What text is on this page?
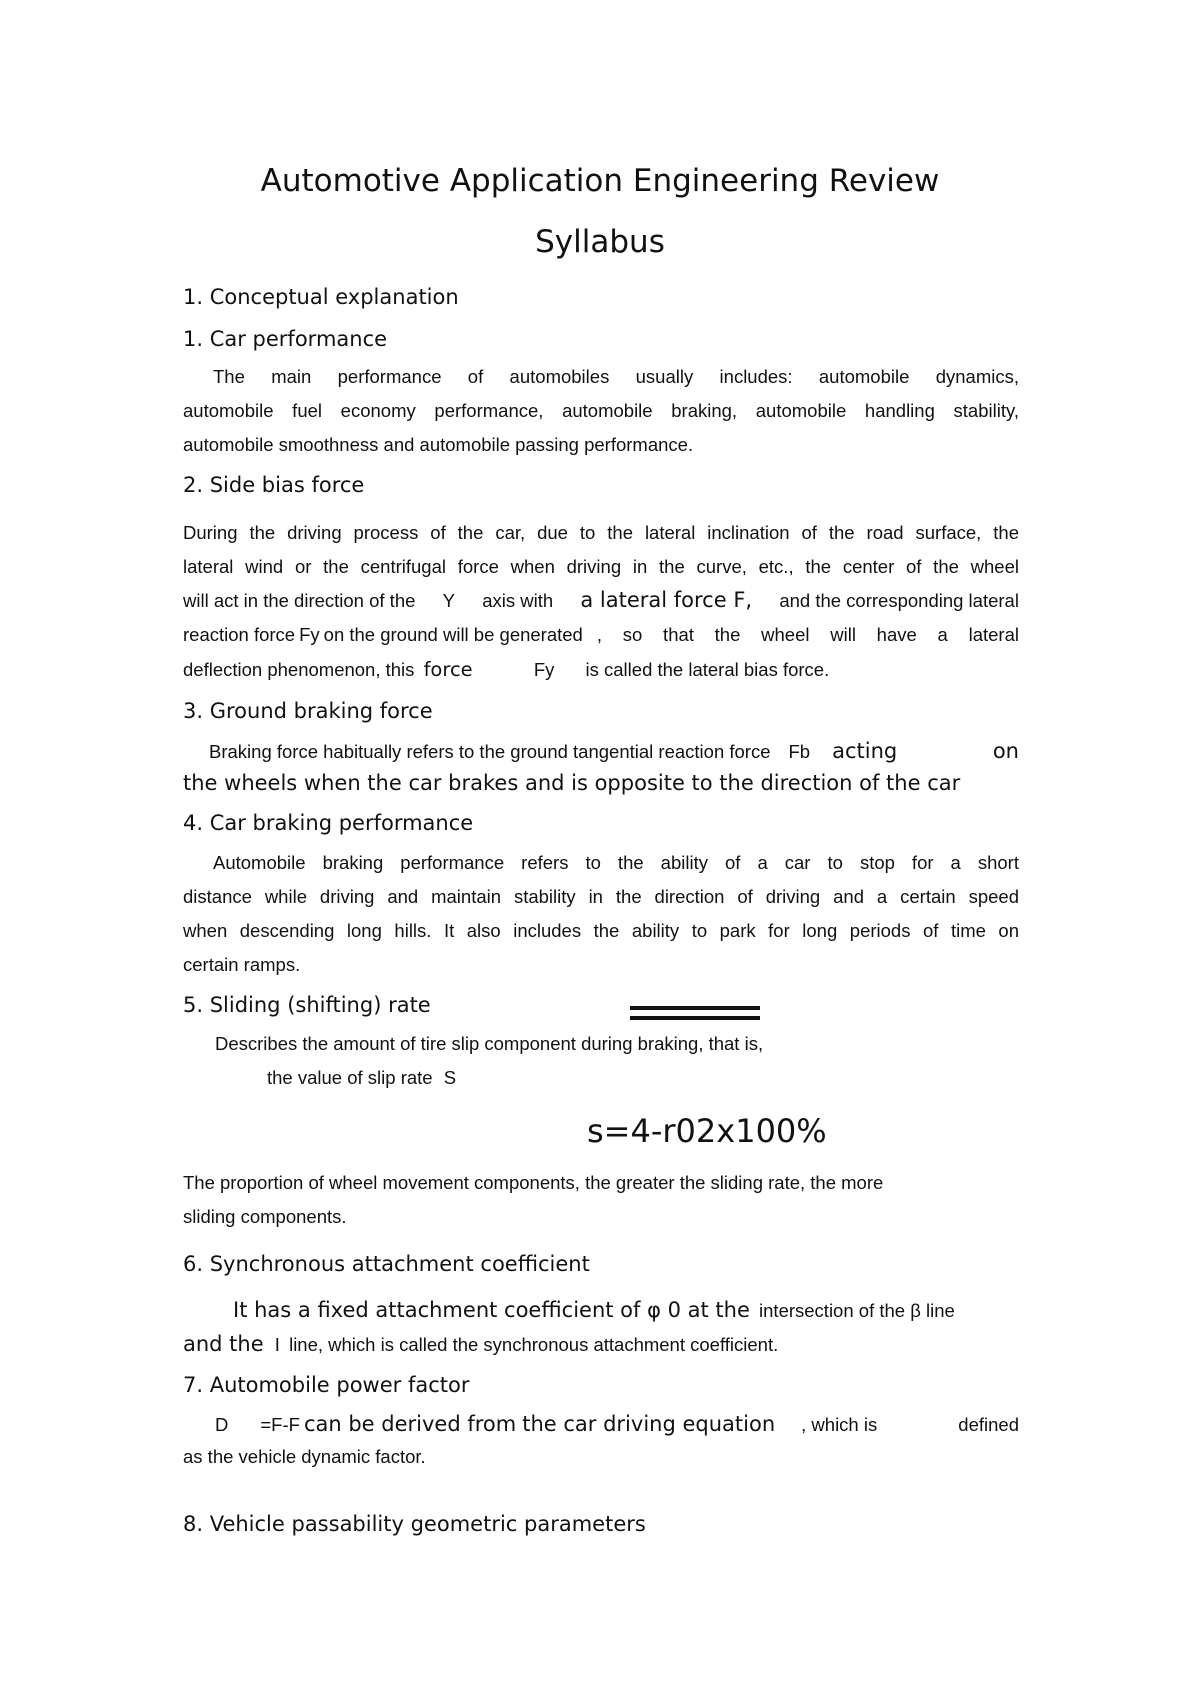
Automotive Application Engineering Review
Syllabus
1. Conceptual explanation
1. Car performance
The main performance of automobiles usually includes: automobile dynamics,
automobile fuel economy performance, automobile braking, automobile handling stability,
automobile smoothness and automobile passing performance.
2. Side bias force
During the driving process of the car, due to the lateral inclination of the road surface, the
lateral wind or the centrifugal force when driving in the curve, etc., the center of the wheel
will act in the direction of the Y axis with a lateral force F, and the corresponding lateral
reaction force Fy on the ground will be generated , so that the wheel will have a lateral
deflection phenomenon, this force	Fy is called the lateral bias force.
3. Ground braking force
Braking force habitually refers to the ground tangential reaction force Fb acting	on
the wheels when the car brakes and is opposite to the direction of the car
4. Car braking performance
Automobile braking performance refers to the ability of a car to stop for a short
distance while driving and maintain stability in the direction of driving and a certain speed
when descending long hills. It also includes the ability to park for long periods of time on
certain ramps.
5. Sliding (shifting) rate
Describes the amount of tire slip component during braking, that is,
the value of slip rate S
s=4-r02x100%
The proportion of wheel movement components, the greater the sliding rate, the more
sliding components.
6. Synchronous attachment coefficient
It has a fixed attachment coefficient of φ 0 at the intersection of the β line
and the I line, which is called the synchronous attachment coefficient.
7. Automobile power factor
D =F-F can be derived from the car driving equation , which is	defined
as the vehicle dynamic factor.
8. Vehicle passability geometric parameters
